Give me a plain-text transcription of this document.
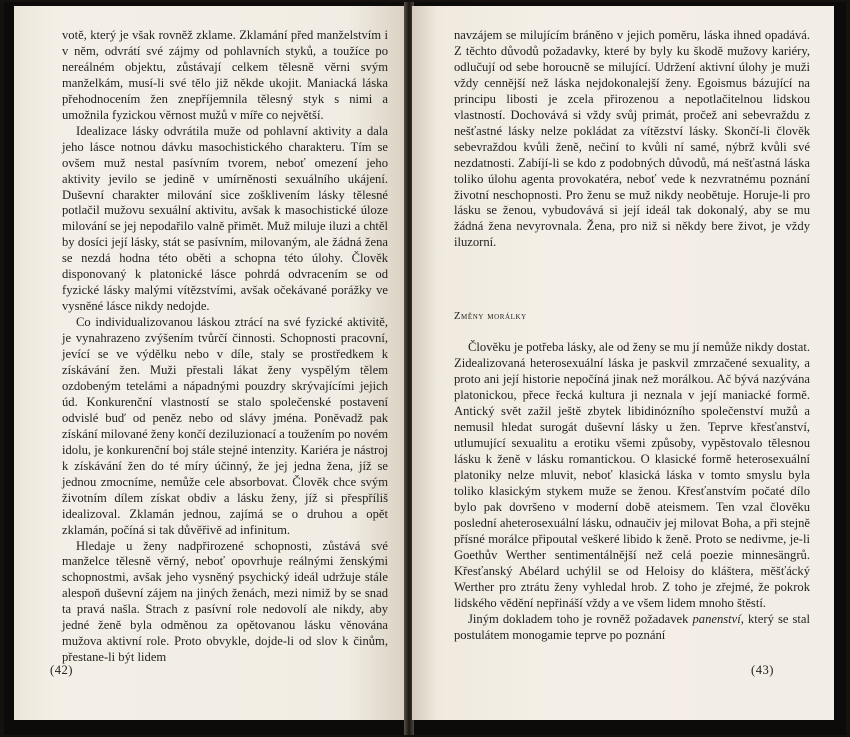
votě, který je však rovněž zklame. Zklamání před manželstvím i v něm, odvrátí své zájmy od pohlavních styků, a toužíce po nereálném objektu, zůstávají celkem tělesně věrni svým manželkám, musí-li své tělo již někde ukojit. Maniacká láska přehodnocením žen znepříjemnila tělesný styk s nimi a umožnila fyzickou věrnost mužů v míře co největší.

Idealizace lásky odvrátila muže od pohlavní aktivity a dala jeho lásce notnou dávku masochistického charakteru. Tím se ovšem muž nestal pasívním tvorem, neboť omezení jeho aktivity jevilo se jedině v umírněnosti sexuálního ukájení. Duševní charakter milování sice zošklivením lásky tělesné potlačil mužovu sexuální aktivitu, avšak k masochistické úloze milování se jej nepodařilo valně přimět. Muž miluje iluzi a chtěl by dosíci její lásky, stát se pasívním, milovaným, ale žádná žena se nezdá hodna této oběti a schopna této úlohy. Člověk disponovaný k platonické lásce pohrdá odvracením se od fyzické lásky malými vítězstvími, avšak očekávané porážky ve vysněné lásce nikdy nedojde.

Co individualizovanou láskou ztrácí na své fyzické aktivitě, je vynahrazeno zvýšením tvůrčí činnosti. Schopnosti pracovní, jevící se ve výdělku nebo v díle, staly se prostředkem k získávání žen. Muži přestali lákat ženy vyspělým tělem ozdobeným tetelámi a nápadnými pouzdry skrývajícími jejich úd. Konkurenční vlastností se stalo společenské postavení odvislé buď od peněz nebo od slávy jména. Poněvadž pak získání milované ženy končí deziluzionací a toužením po novém idolu, je konkurenční boj stále stejné intenzity. Kariéra je nástroj k získávání žen do té míry účinný, že jej jedna žena, jíž se jednou zmocníme, nemůže cele absorbovat. Člověk chce svým životním dílem získat obdiv a lásku ženy, jíž si přespříliš idealizoval. Zklamán jednou, zajímá se o druhou a opět zklamán, počíná si tak důvěřivě ad infinitum.

Hledaje u ženy nadpřirozené schopnosti, zůstává své manželce tělesně věrný, neboť opovrhuje reálnými ženskými schopnostmi, avšak jeho vysněný psychický ideál udržuje stále alespoň duševní zájem na jiných ženách, mezi nimiž by se snad ta pravá našla. Strach z pasívní role nedovolí ale nikdy, aby jedné ženě byla odměnou za opětovanou lásku věnována mužova aktivní role. Proto obvykle, dojde-li od slov k činům, přestane-li být lidem

(42)

navzájem se milujícím bráněno v jejich poměru, láska ihned opadává. Z těchto důvodů požadavky, které by byly ku škodě mužovy kariéry, odlučují od sebe horoucně se milující. Udržení aktivní úlohy je muži vždy cennější než láska nejdokonalejší ženy. Egoismus bázující na principu libosti je zcela přirozenou a nepotlačitelnou lidskou vlastností. Dochovává si vždy svůj primát, pročež ani sebevraždu z nešťastné lásky nelze pokládat za vítězství lásky. Skončí-li člověk sebevraždou kvůli ženě, nečiní to kvůli ní samé, nýbrž kvůli své nezdatnosti. Zabíjí-li se kdo z podobných důvodů, má nešťastná láska toliko úlohu agenta provokatéra, neboť vede k nezvratnému poznání životní neschopnosti. Pro ženu se muž nikdy neobětuje. Horuje-li pro lásku se ženou, vybudovává si její ideál tak dokonalý, aby se mu žádná žena nevyrovnala. Žena, pro niž si někdy bere život, je vždy iluzorní.

Změny morálky

Člověku je potřeba lásky, ale od ženy se mu jí nemůže nikdy dostat. Zidealizovaná heterosexuální láska je paskvil zmrzačené sexuality, a proto ani její historie nepočíná jinak než morálkou. Ač bývá nazývána platonickou, přece řecká kultura ji neznala v její maniacké formě. Antický svět zažil ještě zbytek libidinózního společenství mužů a nemusil hledat surogát duševní lásky u žen. Teprve křesťanství, utlumující sexualitu a erotiku všemi způsoby, vypěstovalo tělesnou lásku k ženě v lásku romantickou. O klasické formě heterosexuální platoniky nelze mluvit, neboť klasická láska v tomto smyslu byla toliko klasickým stykem muže se ženou. Křesťanstvím počaté dílo bylo pak dovršeno v moderní době ateismem. Ten vzal člověku poslední aheterosexuální lásku, odnaučiv jej milovat Boha, a při stejně přísné morálce připoutal veškeré libido k ženě. Proto se nedivme, je-li Goethův Werther sentimentálnější než celá poezie minnesängrů. Křesťanský Abélard uchýlil se od Heloisy do kláštera, měšťácký Werther pro ztrátu ženy vyhledal hrob. Z toho je zřejmé, že pokrok lidského vědění nepřináší vždy a ve všem lidem mnoho štěstí.

Jiným dokladem toho je rovněž požadavek panenství, který se stal postulátem monogamie teprve po poznání

(43)
